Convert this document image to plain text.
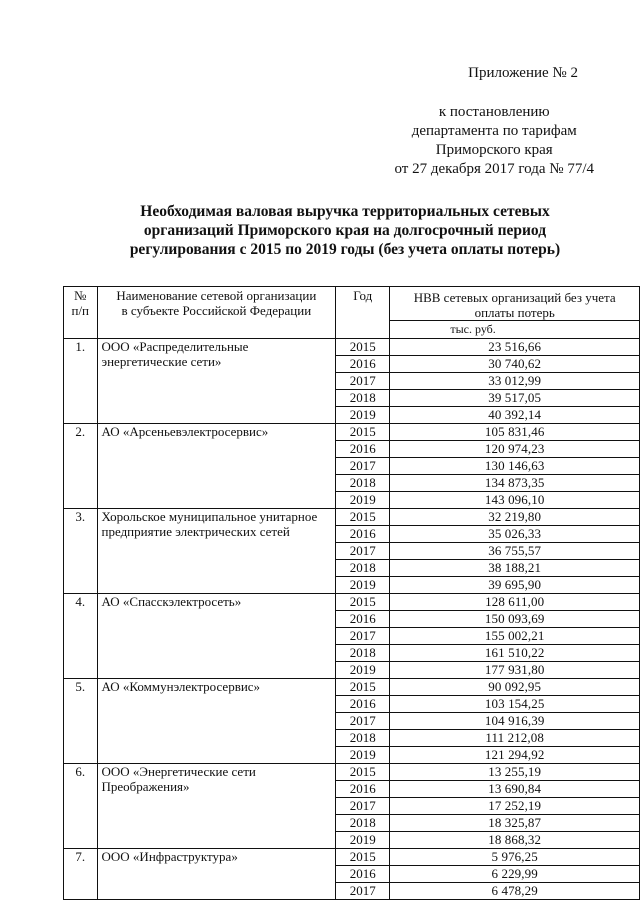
Приложение № 2
к постановлению
департамента по тарифам
Приморского края
от 27 декабря 2017 года № 77/4
Необходимая валовая выручка территориальных сетевых организаций Приморского края на долгосрочный период регулирования с 2015 по 2019 годы (без учета оплаты потерь)
№ п/п	Наименование сетевой организации в субъекте Российской Федерации	Год	НВВ сетевых организаций без учета оплаты потерь
			тыс. руб.
1.	ООО «Распределительные энергетические сети»	2015	23 516,66
		2016	30 740,62
		2017	33 012,99
		2018	39 517,05
		2019	40 392,14
2.	АО «Арсеньевэлектросервис»	2015	105 831,46
		2016	120 974,23
		2017	130 146,63
		2018	134 873,35
		2019	143 096,10
3.	Хорольское муниципальное унитарное предприятие электрических сетей	2015	32 219,80
		2016	35 026,33
		2017	36 755,57
		2018	38 188,21
		2019	39 695,90
4.	АО «Спасскэлектросеть»	2015	128 611,00
		2016	150 093,69
		2017	155 002,21
		2018	161 510,22
		2019	177 931,80
5.	АО «Коммунэлектросервис»	2015	90 092,95
		2016	103 154,25
		2017	104 916,39
		2018	111 212,08
		2019	121 294,92
6.	ООО «Энергетические сети Преображения»	2015	13 255,19
		2016	13 690,84
		2017	17 252,19
		2018	18 325,87
		2019	18 868,32
7.	ООО «Инфраструктура»	2015	5 976,25
		2016	6 229,99
		2017	6 478,29
